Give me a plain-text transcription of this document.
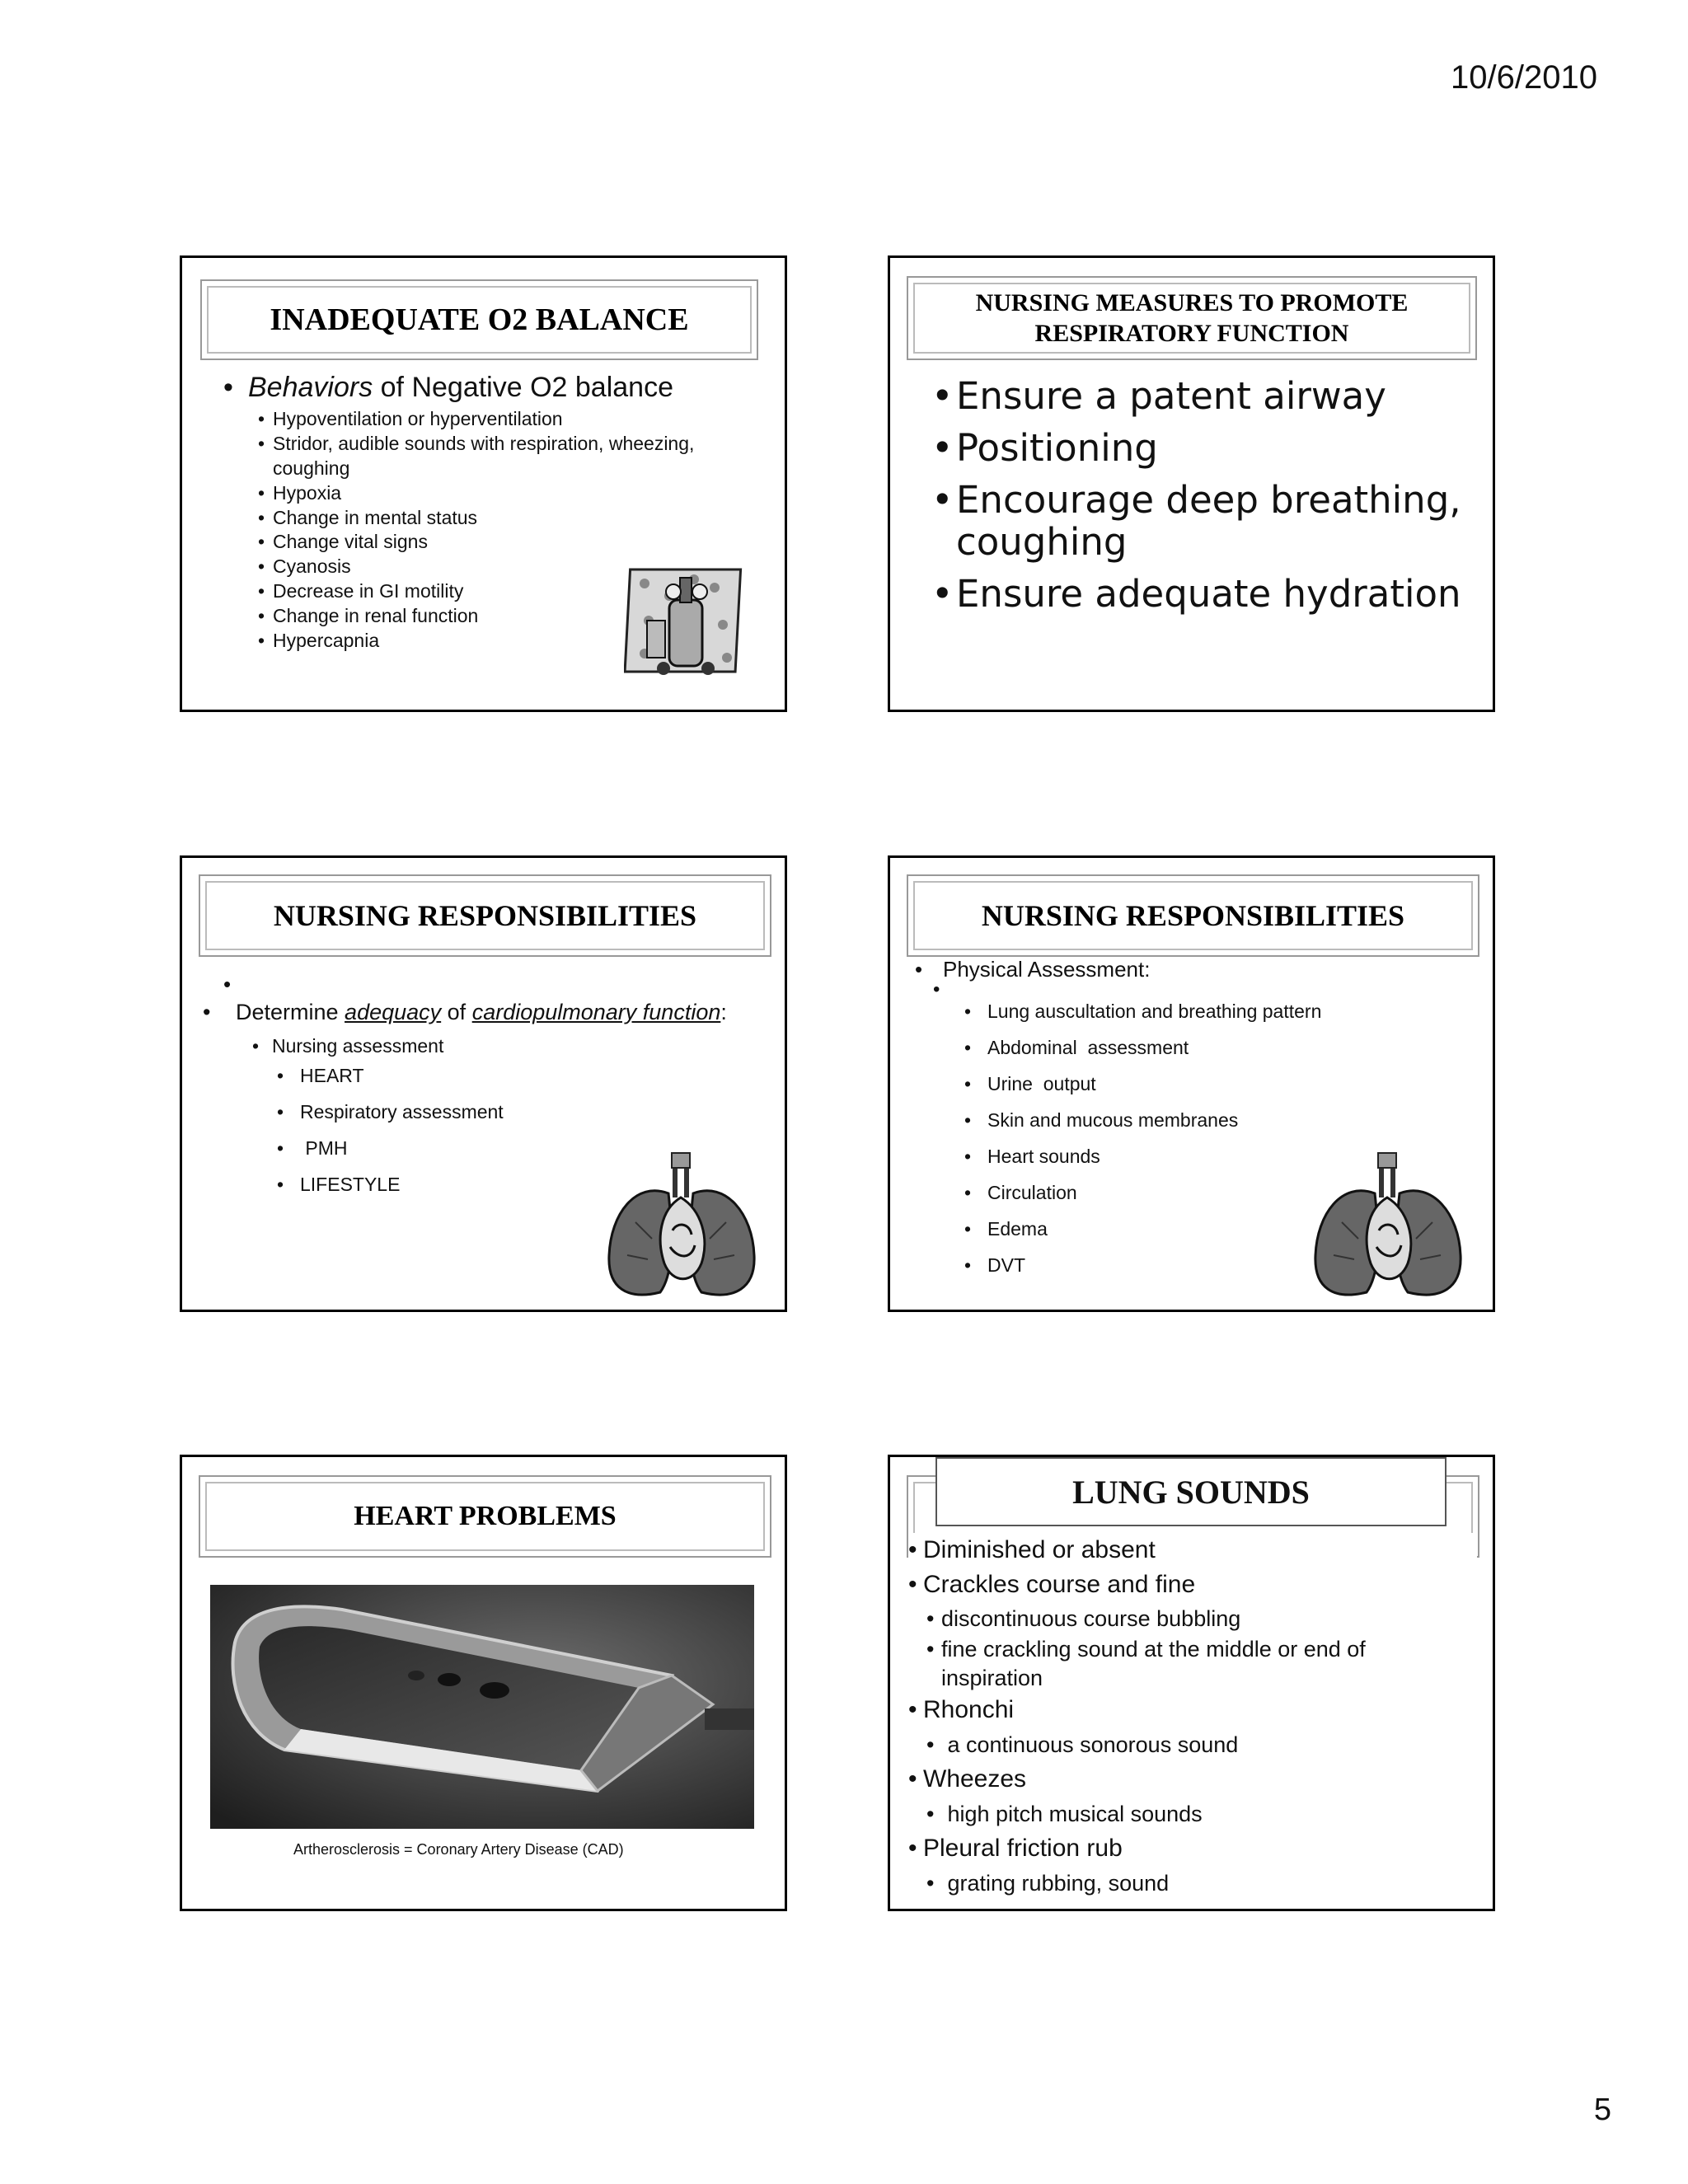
10/6/2010
INADEQUATE O2 BALANCE
• Behaviors of Negative O2 balance
• Hypoventilation or hyperventilation
• Stridor, audible sounds with respiration, wheezing, coughing
• Hypoxia
• Change in mental status
• Change vital signs
• Cyanosis
• Decrease in GI motility
• Change in renal function
• Hypercapnia
NURSING MEASURES TO PROMOTE RESPIRATORY FUNCTION
• Ensure a patent airway
• Positioning
• Encourage deep breathing, coughing
• Ensure adequate hydration
NURSING RESPONSIBILITIES
•
• Determine adequacy of cardiopulmonary function:
• Nursing assessment
• HEART
• Respiratory assessment
•  PMH
• LIFESTYLE
NURSING RESPONSIBILITIES
• Physical Assessment:
•
• Lung auscultation and breathing pattern
• Abdominal  assessment
• Urine  output
• Skin and mucous membranes
• Heart sounds
• Circulation
• Edema
• DVT
HEART PROBLEMS
Artherosclerosis = Coronary Artery Disease (CAD)
LUNG SOUNDS
• Diminished or absent
• Crackles course and fine
• discontinuous course bubbling
• fine crackling sound at the middle or end of inspiration
• Rhonchi
•  a continuous sonorous sound
• Wheezes
•  high pitch musical sounds
• Pleural friction rub
•  grating rubbing, sound
5
